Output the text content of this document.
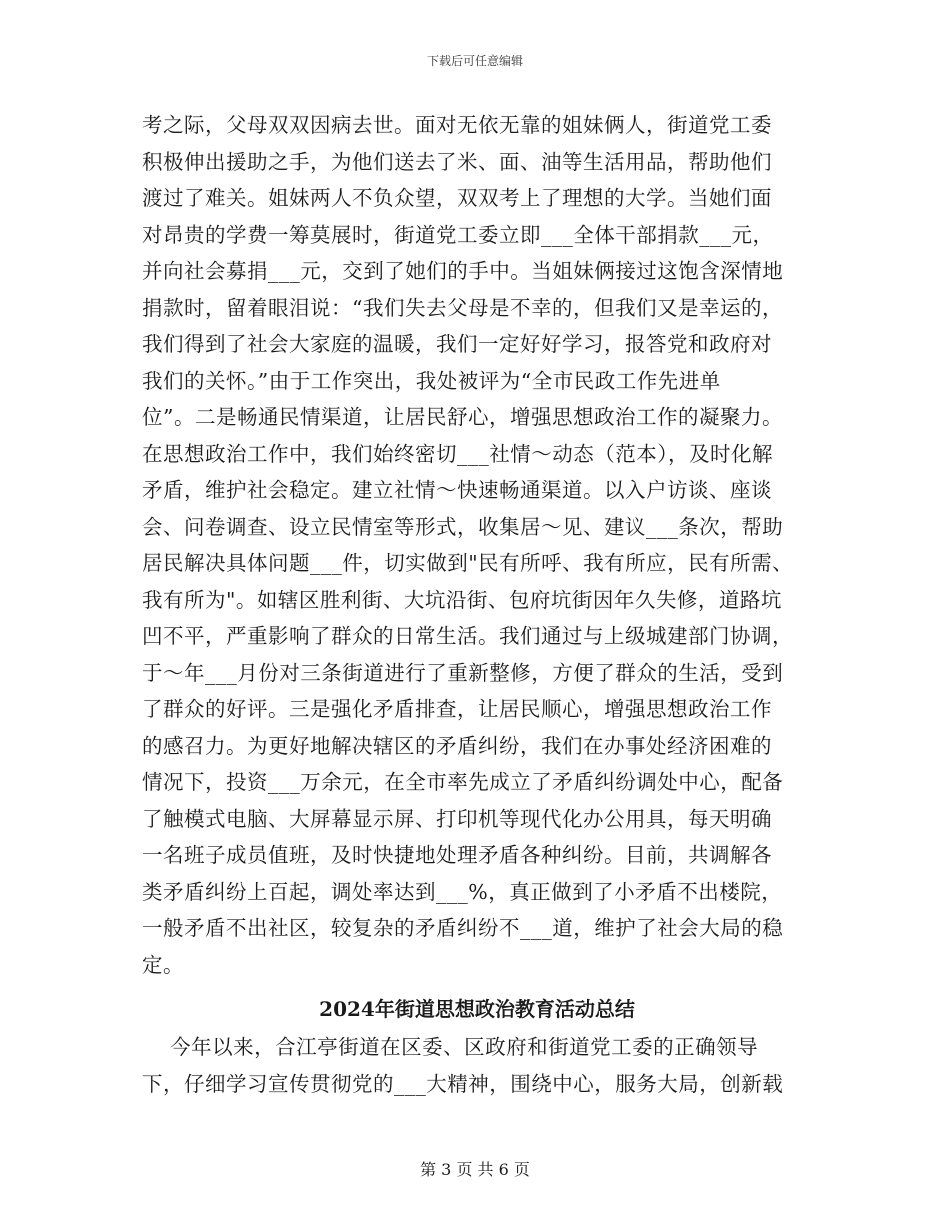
下载后可任意编辑
考之际，父母双双因病去世。面对无依无靠的姐妹俩人，街道党工委
积极伸出援助之手，为他们送去了米、面、油等生活用品，帮助他们
渡过了难关。姐妹两人不负众望，双双考上了理想的大学。当她们面
对昂贵的学费一筹莫展时，街道党工委立即___全体干部捐款___元，
并向社会募捐___元，交到了她们的手中。当姐妹俩接过这饱含深情地
捐款时，留着眼泪说：“我们失去父母是不幸的，但我们又是幸运的，
我们得到了社会大家庭的温暖，我们一定好好学习，报答党和政府对
我们的关怀。”由于工作突出，我处被评为“全市民政工作先进单
位”。二是畅通民情渠道，让居民舒心，增强思想政治工作的凝聚力。
在思想政治工作中，我们始终密切___社情～动态（范本），及时化解
矛盾，维护社会稳定。建立社情～快速畅通渠道。以入户访谈、座谈
会、问卷调查、设立民情室等形式，收集居～见、建议___条次，帮助
居民解决具体问题___件，切实做到"民有所呼、我有所应，民有所需、
我有所为"。如辖区胜利街、大坑沿街、包府坑街因年久失修，道路坑
凹不平，严重影响了群众的日常生活。我们通过与上级城建部门协调，
于～年___月份对三条街道进行了重新整修，方便了群众的生活，受到
了群众的好评。三是强化矛盾排查，让居民顺心，增强思想政治工作
的感召力。为更好地解决辖区的矛盾纠纷，我们在办事处经济困难的
情况下，投资___万余元，在全市率先成立了矛盾纠纷调处中心，配备
了触模式电脑、大屏幕显示屏、打印机等现代化办公用具，每天明确
一名班子成员值班，及时快捷地处理矛盾各种纠纷。目前，共调解各
类矛盾纠纷上百起，调处率达到___%，真正做到了小矛盾不出楼院，
一般矛盾不出社区，较复杂的矛盾纠纷不___道，维护了社会大局的稳
定。
2024年街道思想政治教育活动总结
今年以来，合江亭街道在区委、区政府和街道党工委的正确领导
下，仔细学习宣传贯彻党的___大精神，围绕中心，服务大局，创新载
第 3 页 共 6 页
